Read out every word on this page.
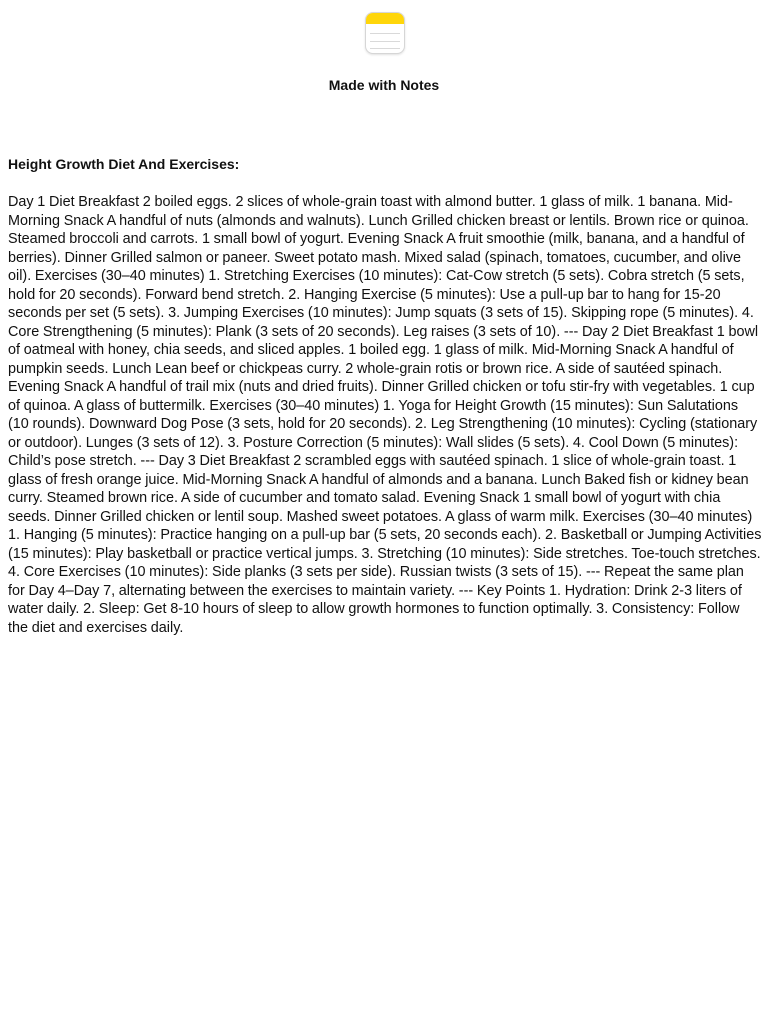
Made with Notes

Height Growth Diet And Exercises:

Day 1 Diet Breakfast 2 boiled eggs. 2 slices of whole-grain toast with almond butter. 1 glass of milk. 1 banana. Mid-Morning Snack A handful of nuts (almonds and walnuts). Lunch Grilled chicken breast or lentils. Brown rice or quinoa. Steamed broccoli and carrots. 1 small bowl of yogurt. Evening Snack A fruit smoothie (milk, banana, and a handful of berries). Dinner Grilled salmon or paneer. Sweet potato mash. Mixed salad (spinach, tomatoes, cucumber, and olive oil). Exercises (30–40 minutes) 1. Stretching Exercises (10 minutes): Cat-Cow stretch (5 sets). Cobra stretch (5 sets, hold for 20 seconds). Forward bend stretch. 2. Hanging Exercise (5 minutes): Use a pull-up bar to hang for 15-20 seconds per set (5 sets). 3. Jumping Exercises (10 minutes): Jump squats (3 sets of 15). Skipping rope (5 minutes). 4. Core Strengthening (5 minutes): Plank (3 sets of 20 seconds). Leg raises (3 sets of 10). --- Day 2 Diet Breakfast 1 bowl of oatmeal with honey, chia seeds, and sliced apples. 1 boiled egg. 1 glass of milk. Mid-Morning Snack A handful of pumpkin seeds. Lunch Lean beef or chickpeas curry. 2 whole-grain rotis or brown rice. A side of sautéed spinach. Evening Snack A handful of trail mix (nuts and dried fruits). Dinner Grilled chicken or tofu stir-fry with vegetables. 1 cup of quinoa. A glass of buttermilk. Exercises (30–40 minutes) 1. Yoga for Height Growth (15 minutes): Sun Salutations (10 rounds). Downward Dog Pose (3 sets, hold for 20 seconds). 2. Leg Strengthening (10 minutes): Cycling (stationary or outdoor). Lunges (3 sets of 12). 3. Posture Correction (5 minutes): Wall slides (5 sets). 4. Cool Down (5 minutes): Child’s pose stretch. --- Day 3 Diet Breakfast 2 scrambled eggs with sautéed spinach. 1 slice of whole-grain toast. 1 glass of fresh orange juice. Mid-Morning Snack A handful of almonds and a banana. Lunch Baked fish or kidney bean curry. Steamed brown rice. A side of cucumber and tomato salad. Evening Snack 1 small bowl of yogurt with chia seeds. Dinner Grilled chicken or lentil soup. Mashed sweet potatoes. A glass of warm milk. Exercises (30–40 minutes) 1. Hanging (5 minutes): Practice hanging on a pull-up bar (5 sets, 20 seconds each). 2. Basketball or Jumping Activities (15 minutes): Play basketball or practice vertical jumps. 3. Stretching (10 minutes): Side stretches. Toe-touch stretches. 4. Core Exercises (10 minutes): Side planks (3 sets per side). Russian twists (3 sets of 15). --- Repeat the same plan for Day 4–Day 7, alternating between the exercises to maintain variety. --- Key Points 1. Hydration: Drink 2-3 liters of water daily. 2. Sleep: Get 8-10 hours of sleep to allow growth hormones to function optimally. 3. Consistency: Follow the diet and exercises daily.
